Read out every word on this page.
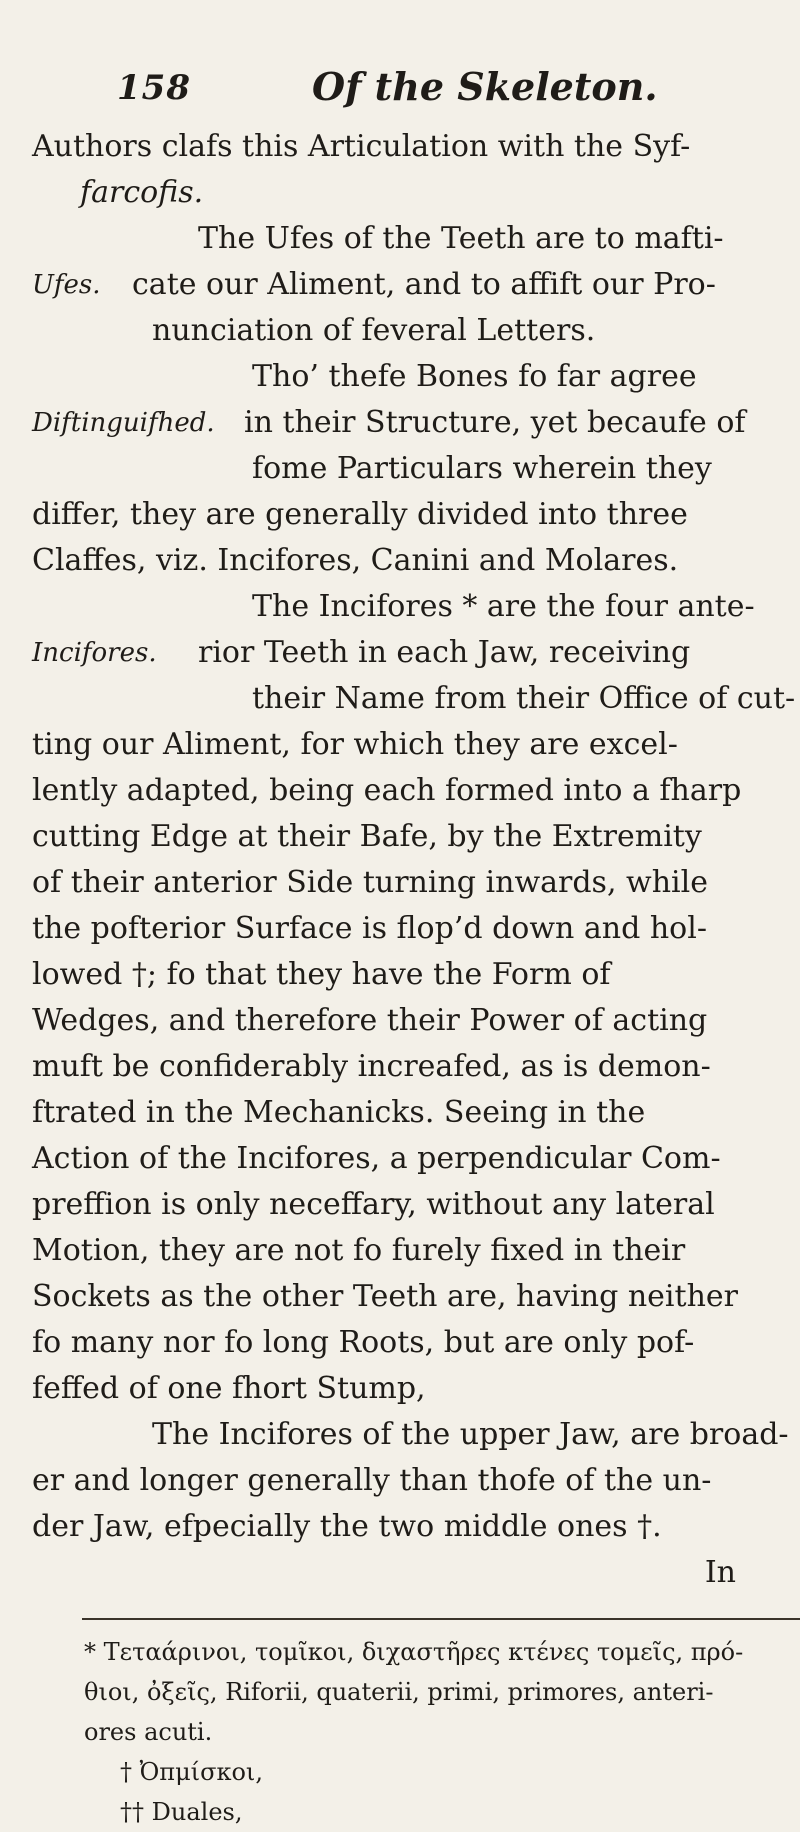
158	Of the Skeleton.
Authors clafs this Articulation with the Syf-
farcofis.
The Ufes of the Teeth are to mafti-
Ufes. cate our Aliment, and to affift our Pro-
nunciation of feveral Letters.
Tho’ thefe Bones fo far agree
Diftinguifhed. in their Structure, yet becaufe of
fome Particulars wherein they
differ, they are generally divided into three
Claffes, viz. Incifores, Canini and Molares.
The Incifores * are the four ante-
Incifores. rior Teeth in each Jaw, receiving
their Name from their Office of cut-
ting our Aliment, for which they are excel-
lently adapted, being each formed into a fharp
cutting Edge at their Bafe, by the Extremity
of their anterior Side turning inwards, while
the pofterior Surface is flop’d down and hol-
lowed †; fo that they have the Form of
Wedges, and therefore their Power of acting
muft be confiderably increafed, as is demon-
ftrated in the Mechanicks. Seeing in the
Action of the Incifores, a perpendicular Com-
preffion is only neceffary, without any lateral
Motion, they are not fo furely fixed in their
Sockets as the other Teeth are, having neither
fo many nor fo long Roots, but are only pof-
feffed of one fhort Stump,
The Incifores of the upper Jaw, are broad-
er and longer generally than thofe of the un-
der Jaw, efpecially the two middle ones †.
In
* Τεταάρινοι, τομῖκοι, διχαστῆρες κτένες τομεῖς, πρό-
θιοι, ὀξεῖς, Riforii, quaterii, primi, primores, anteri-
ores acuti.
† Ὀπμίσκοι,
†† Duales,
